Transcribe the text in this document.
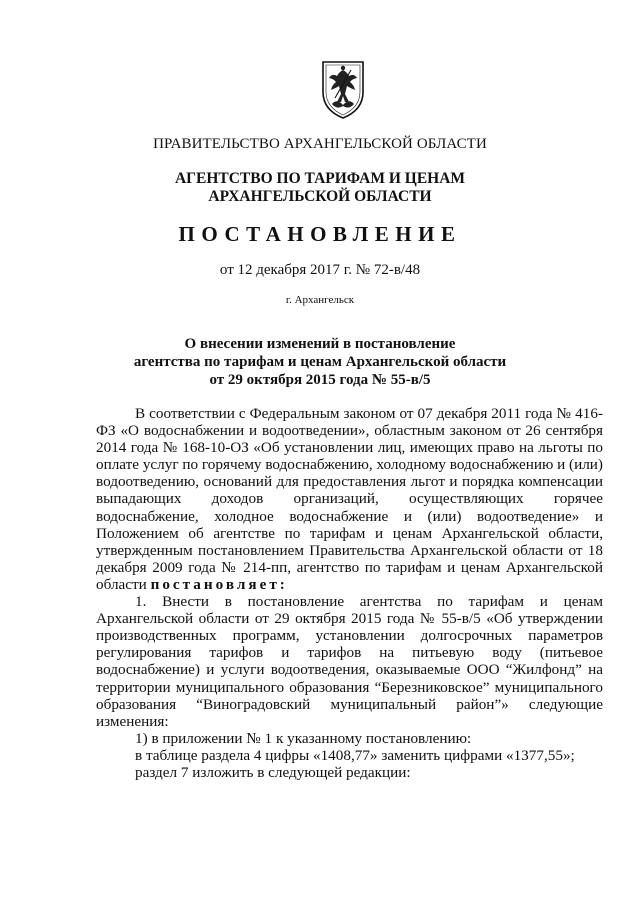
ПРАВИТЕЛЬСТВО АРХАНГЕЛЬСКОЙ ОБЛАСТИ
АГЕНТСТВО ПО ТАРИФАМ И ЦЕНАМ
АРХАНГЕЛЬСКОЙ ОБЛАСТИ
ПОСТАНОВЛЕНИЕ
от 12 декабря 2017 г. № 72-в/48
г. Архангельск
О внесении изменений в постановление
агентства по тарифам и ценам Архангельской области
от 29 октября 2015 года № 55-в/5

В соответствии с Федеральным законом от 07 декабря 2011 года № 416-ФЗ «О водоснабжении и водоотведении», областным законом от 26 сентября 2014 года № 168-10-ОЗ «Об установлении лиц, имеющих право на льготы по оплате услуг по горячему водоснабжению, холодному водоснабжению и (или) водоотведению, оснований для предоставления льгот и порядка компенсации выпадающих доходов организаций, осуществляющих горячее водоснабжение, холодное водоснабжение и (или) водоотведение» и Положением об агентстве по тарифам и ценам Архангельской области, утвержденным постановлением Правительства Архангельской области от 18 декабря 2009 года № 214-пп, агентство по тарифам и ценам Архангельской области постановляет:

1. Внести в постановление агентства по тарифам и ценам Архангельской области от 29 октября 2015 года № 55-в/5 «Об утверждении производственных программ, установлении долгосрочных параметров регулирования тарифов и тарифов на питьевую воду (питьевое водоснабжение) и услуги водоотведения, оказываемые ООО “Жилфонд” на территории муниципального образования “Березниковское” муниципального образования “Виноградовский муниципальный район”» следующие изменения:

1) в приложении № 1 к указанному постановлению:

в таблице раздела 4 цифры «1408,77» заменить цифрами «1377,55»;

раздел 7 изложить в следующей редакции:
